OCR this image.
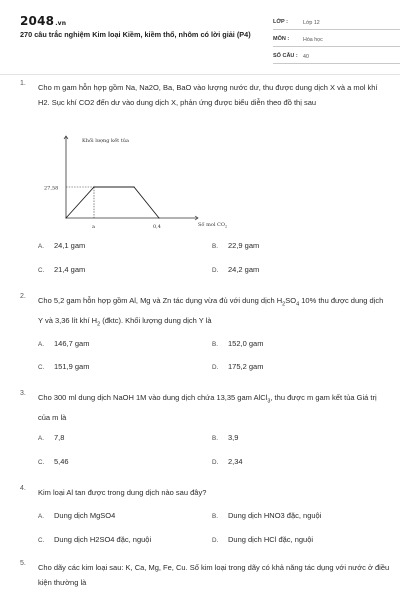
2048.vn
270 câu trắc nghiệm Kim loại Kiềm, kiềm thổ, nhôm có lời giải (P4)
LỚP :	Lớp 12
MÔN :	Hóa học
SỐ CÂU : 40
1. Cho m gam hỗn hợp gồm Na, Na2O, Ba, BaO vào lượng nước dư, thu được dung dịch X và a mol khí H2. Sục khí CO2 đến dư vào dung dịch X, phản ứng được biểu diễn theo đồ thị sau
Khối lượng kết tủa
27,58
a	0,4	Số mol $CO_2$
A. 24,1 gam	B. 22,9 gam
C. 21,4 gam	D. 24,2 gam
2. Cho 5,2 gam hỗn hợp gồm Al, Mg và Zn tác dụng vừa đủ với dung dịch $H_2SO_4$ 10% thu được dung dịch Y và 3,36 lít khí $H_2$ (đktc). Khối lượng dung dịch Y là
A. 146,7 gam	B. 152,0 gam
C. 151,9 gam	D. 175,2 gam
3. Cho 300 ml dung dịch NaOH 1M vào dung dịch chứa 13,35 gam AlCl$_3$, thu được m gam kết tủa Giá trị của m là
A. 7,8	B. 3,9
C. 5,46	D. 2,34
4. Kim loại Al tan được trong dung dịch nào sau đây?
A. Dung dịch MgSO4	B. Dung dịch HNO3 đặc, nguội
C. Dung dịch H2SO4 đặc, nguội	D. Dung dịch HCl đặc, nguội
5. Cho dãy các kim loại sau: K, Ca, Mg, Fe, Cu. Số kim loại trong dãy có khả năng tác dụng với nước ở điều kiện thường là
